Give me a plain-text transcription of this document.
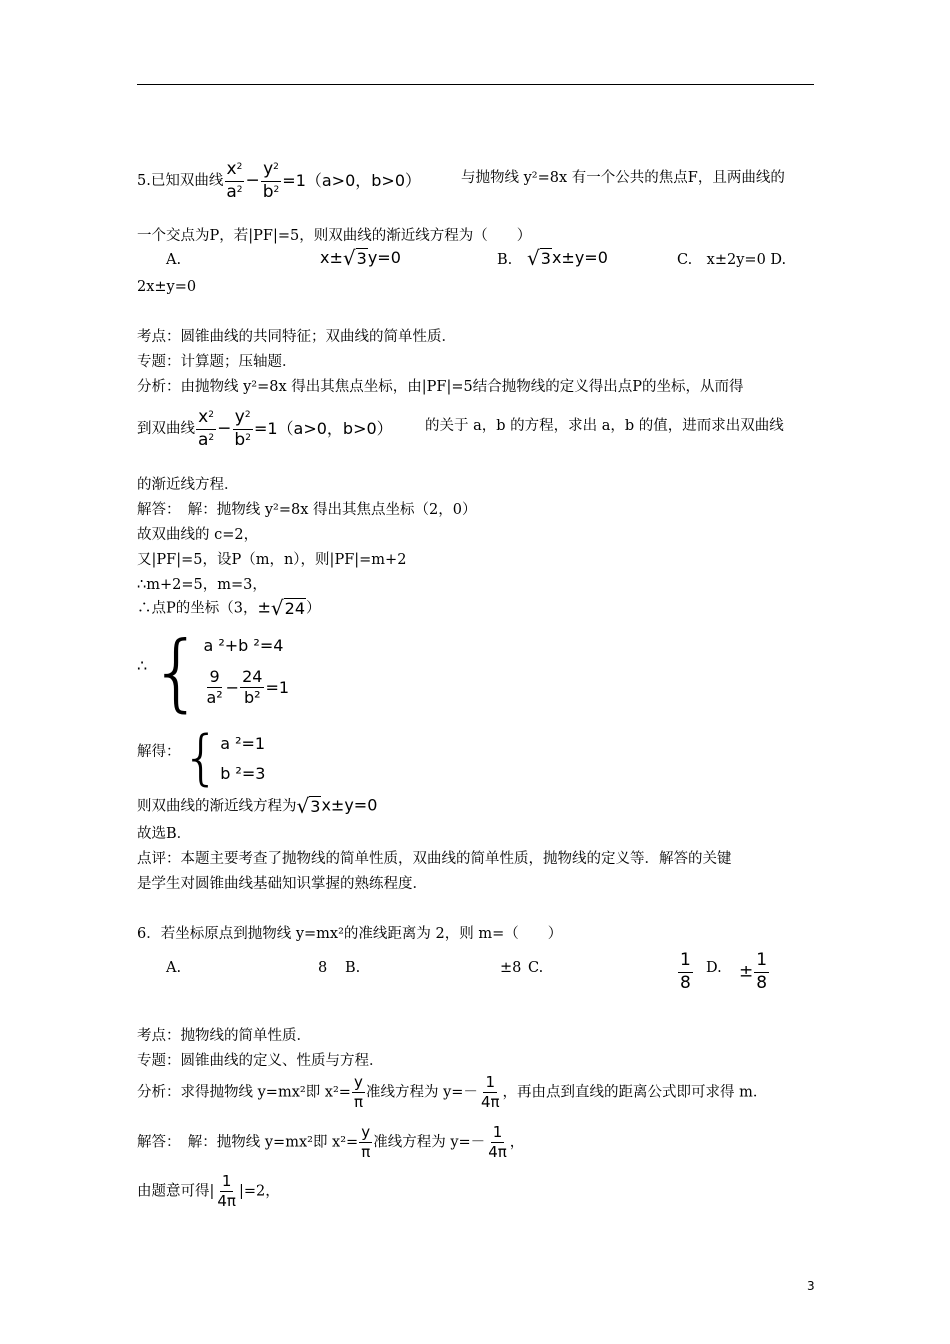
5.已知双曲线 $\frac{x^2}{a^2} - \frac{y^2}{b^2} =1(a>0$，b>0）	与抛物线 y²=8x 有一个公共的焦点F，且两曲线的
一个交点为P，若|PF|=5，则双曲线的渐近线方程为（　　）
A.	x± √ 3 y=0	B. √ 3 x±y=0	C.　x±2y=0 D.
2x±y=0
考点：圆锥曲线的共同特征；双曲线的简单性质．
专题：计算题；压轴题．
分析：由抛物线 y²=8x 得出其焦点坐标，由|PF|=5结合抛物线的定义得出点P的坐标，从而得
到双曲线 $\frac{x^2}{a^2} - \frac{y^2}{b^2} =1(a>0$，b>0） 的关于 a，b 的方程，求出 a，b 的值，进而求出双曲线
的渐近线方程．
解答：　解：抛物线 y²=8x 得出其焦点坐标（2，0）
故双曲线的 c=2，
又|PF|=5，设P（m，n），则|PF|=m+2
∴m+2=5，m=3，
∴点P的坐标（3，± √ 24 ）
∴ { a ²+b ²=4
$\frac{9}{\text{a²}} - \frac{24}{\text{b²}} =1$
解得： { a ²=1
b ²=3
则双曲线的渐近线方程为 √ 3 x±y=0
故选B．
点评：本题主要考查了抛物线的简单性质，双曲线的简单性质，抛物线的定义等．解答的关键
是学生对圆锥曲线基础知识掌握的熟练程度．
6．若坐标原点到抛物线 y=mx²的准线距离为 2，则 m=（　　）
A.	8 B.	±8 C.	$\frac{1}{8} D$. ± $\frac{1}{8}$
考点：抛物线的简单性质．
专题：圆锥曲线的定义、性质与方程．
分析：求得抛物线 y=mx²即 $x^2= \frac{y}{\pi}$ 准线方程为 $y=- \frac{1}{4\pi}$ ，再由点到直线的距离公式即可求得 m．
解答：　解：抛物线 y=mx²即 $x^2= \frac{y}{\pi}$ 准线方程为 $y=- \frac{1}{4\pi}$ ，
由题意可得| $\frac{1}{4\pi} |=2$，
3
